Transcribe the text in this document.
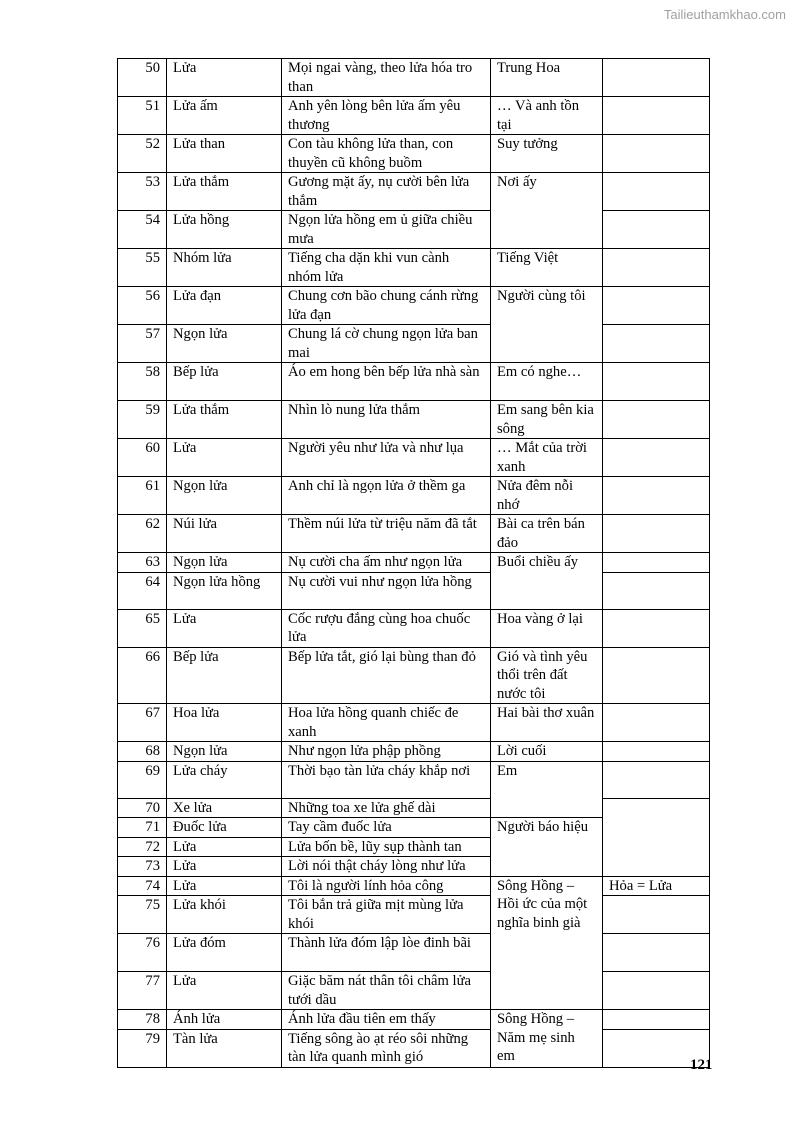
Tailieuthamkhao.com
50	Lửa	Mọi ngai vàng, theo lửa hóa tro than	Trung Hoa	
51	Lửa ấm	Anh yên lòng bên lửa ấm yêu thương	… Và anh tồn tại	
52	Lửa than	Con tàu không lửa than, con thuyền cũ không buồm	Suy tưởng	
53	Lửa thắm	Gương mặt ấy, nụ cười bên lửa thắm	Nơi ấy	
54	Lửa hồng	Ngọn lửa hồng em ủ giữa chiều mưa		
55	Nhóm lửa	Tiếng cha dặn khi vun cành nhóm lửa	Tiếng Việt	
56	Lửa đạn	Chung cơn bão chung cánh rừng lửa đạn	Người cùng tôi	
57	Ngọn lửa	Chung lá cờ chung ngọn lửa ban mai		
58	Bếp lửa	Áo em hong bên bếp lửa nhà sàn	Em có nghe…	
59	Lửa thắm	Nhìn lò nung lửa thắm	Em sang bên kia sông	
60	Lửa	Người yêu như lửa và như lụa	… Mắt của trời xanh	
61	Ngọn lửa	Anh chỉ là ngọn lửa ở thềm ga	Nửa đêm nỗi nhớ	
62	Núi lửa	Thềm núi lửa từ triệu năm đã tắt	Bài ca trên bán đảo	
63	Ngọn lửa	Nụ cười cha ấm như ngọn lửa	Buổi chiều ấy	
64	Ngọn lửa hồng	Nụ cười vui như ngọn lửa hồng		
65	Lửa	Cốc rượu đắng cùng hoa chuốc lửa	Hoa vàng ở lại	
66	Bếp lửa	Bếp lửa tắt, gió lại bùng than đỏ	Gió và tình yêu thổi trên đất nước tôi	
67	Hoa lửa	Hoa lửa hồng quanh chiếc đe xanh	Hai bài thơ xuân	
68	Ngọn lửa	Như ngọn lửa phập phồng	Lời cuối	
69	Lửa cháy	Thời bạo tàn lửa cháy khắp nơi	Em	
70	Xe lửa	Những toa xe lửa ghế dài		
71	Đuốc lửa	Tay cầm đuốc lửa	Người báo hiệu	
72	Lửa	Lửa bốn bề, lũy sụp thành tan		
73	Lửa	Lời nói thật cháy lòng như lửa		
74	Lửa	Tôi là người lính hỏa công	Sông Hồng – Hồi ức của một nghĩa binh già	Hỏa = Lửa
75	Lửa khói	Tôi bắn trả giữa mịt mùng lửa khói		
76	Lửa đóm	Thành lửa đóm lập lòe đinh bãi		
77	Lửa	Giặc băm nát thân tôi châm lửa tưới dầu		
78	Ánh lửa	Ánh lửa đầu tiên em thấy	Sông Hồng – Năm mẹ sinh em	
79	Tàn lửa	Tiếng sông ào ạt réo sôi những tàn lửa quanh mình gió			121
